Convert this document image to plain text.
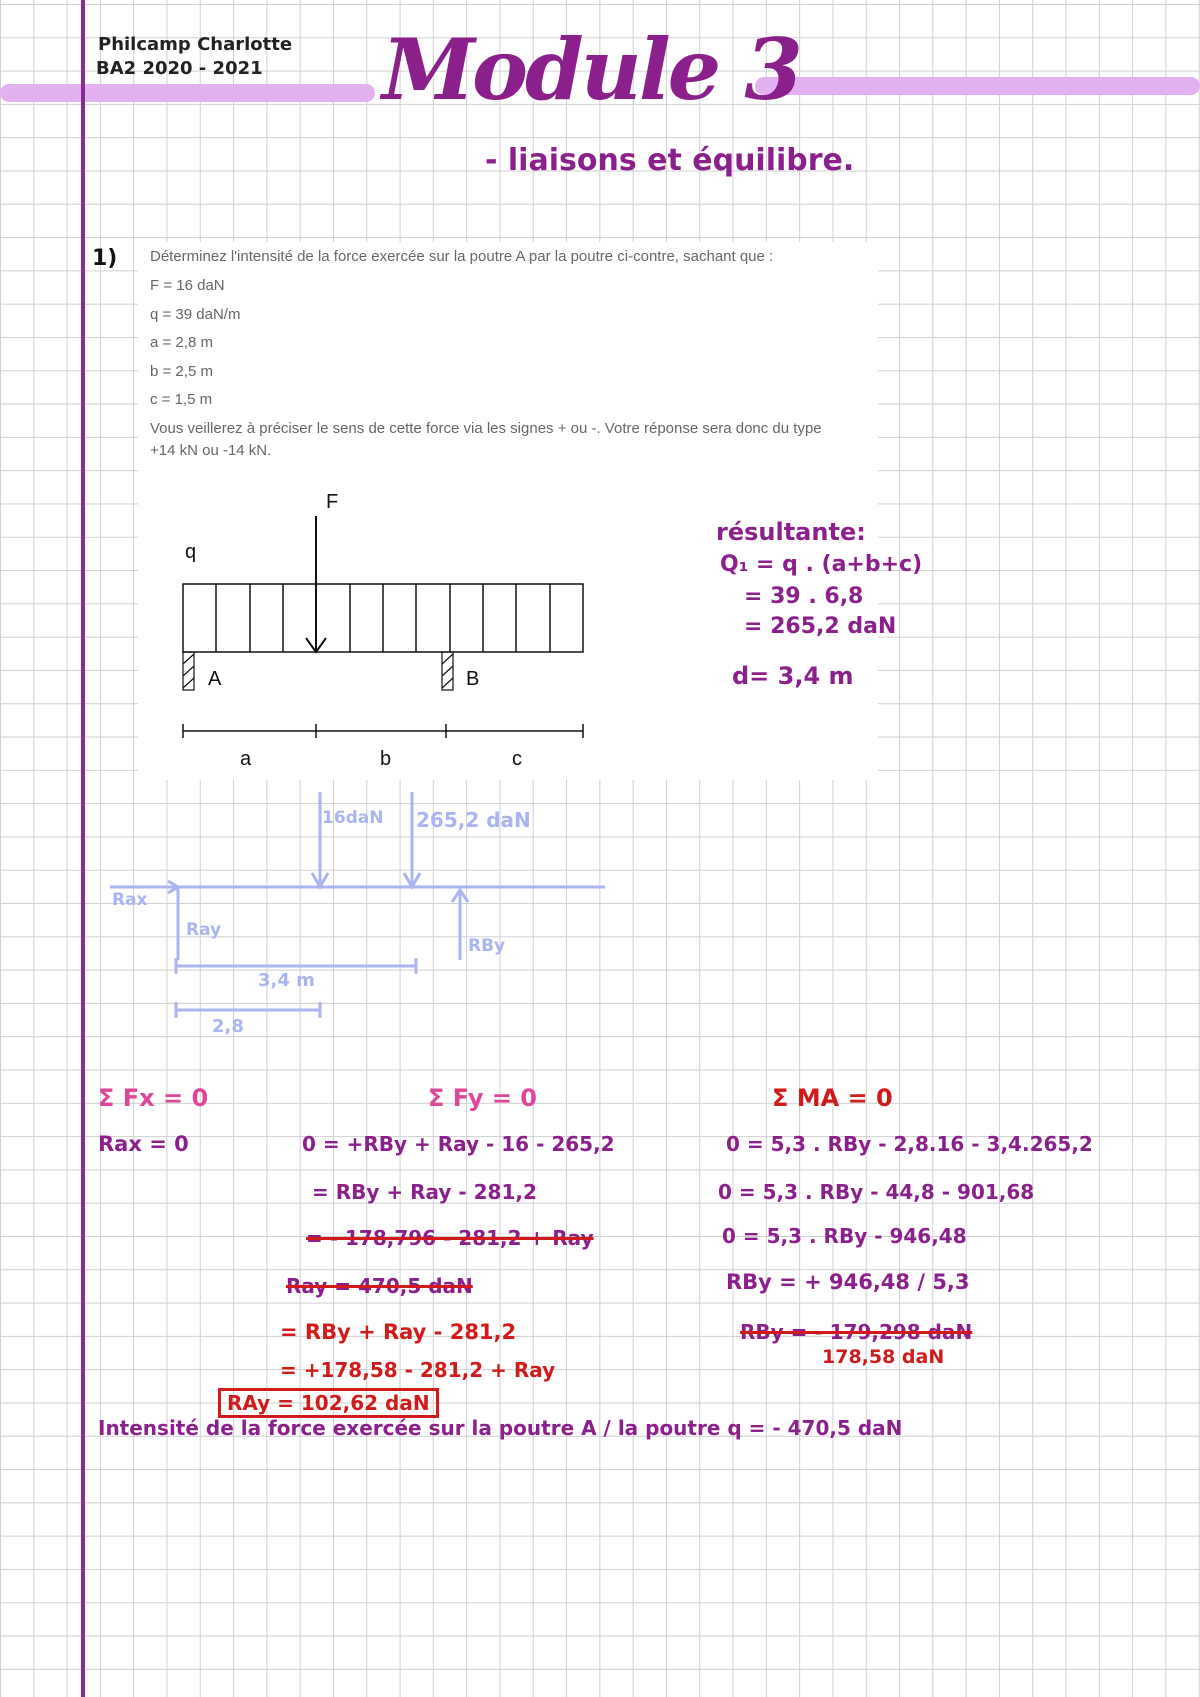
Philcamp Charlotte
BA2 2020 - 2021 Module 3
- liaisons et équilibre.
1) Déterminez l'intensité de la force exercée sur la poutre A par la poutre ci-contre, sachant que :
F = 16 daN
q = 39 daN/m
a = 2,8 m
b = 2,5 m
c = 1,5 m
Vous veillerez à préciser le sens de cette force via les signes + ou -. Votre réponse sera donc du type
+14 kN ou -14 kN.
F
q
A	B
a	b	c
16daN 265,2 daN
Rax
Ray
RBy
3,4 m
2,8
résultante:
Q₁ = q . (a+b+c)
= 39 . 6,8
= 265,2 daN
d= 3,4 m
Σ Fx = 0
Rax = 0
Σ Fy = 0
0 = +RBy + Ray - 16 - 265,2
= RBy + Ray - 281,2
= - 178,796 - 281,2 + Ray
Ray = 470,5 daN
= RBy + Ray - 281,2
= +178,58 - 281,2 + Ray
RAy = 102,62 daN
Σ MA = 0
0 = 5,3 . RBy - 2,8.16 - 3,4.265,2
0 = 5,3 . RBy - 44,8 - 901,68
0 = 5,3 . RBy - 946,48
RBy = + 946,48 / 5,3
RBy = - 179,298 daN
178,58 daN
Intensité de la force exercée sur la poutre A / la poutre q = - 470,5 daN
